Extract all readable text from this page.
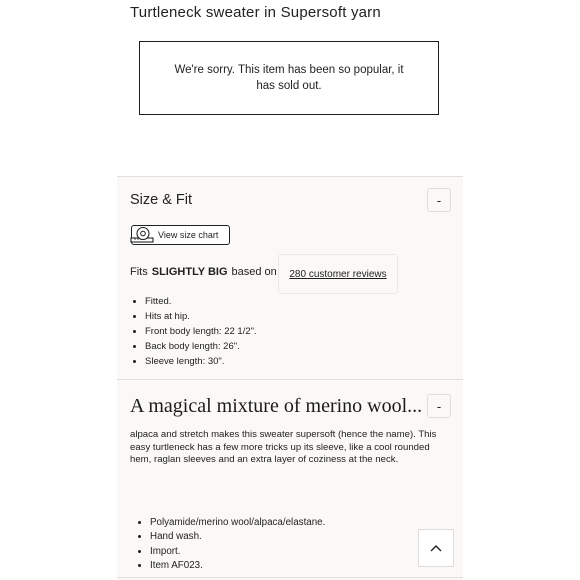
Turtleneck sweater in Supersoft yarn
We're sorry. This item has been so popular, it has sold out.
Size & Fit	-
View size chart
Fits SLIGHTLY BIG based on 280 customer reviews
• Fitted.
• Hits at hip.
• Front body length: 22 1/2".
• Back body length: 26".
• Sleeve length: 30".
A magical mixture of merino wool... -
alpaca and stretch makes this sweater supersoft (hence the name). This easy turtleneck has a few more tricks up its sleeve, like a cool rounded hem, raglan sleeves and an extra layer of coziness at the neck.
• Polyamide/merino wool/alpaca/elastane.
• Hand wash.
• Import.
• Item AF023.
